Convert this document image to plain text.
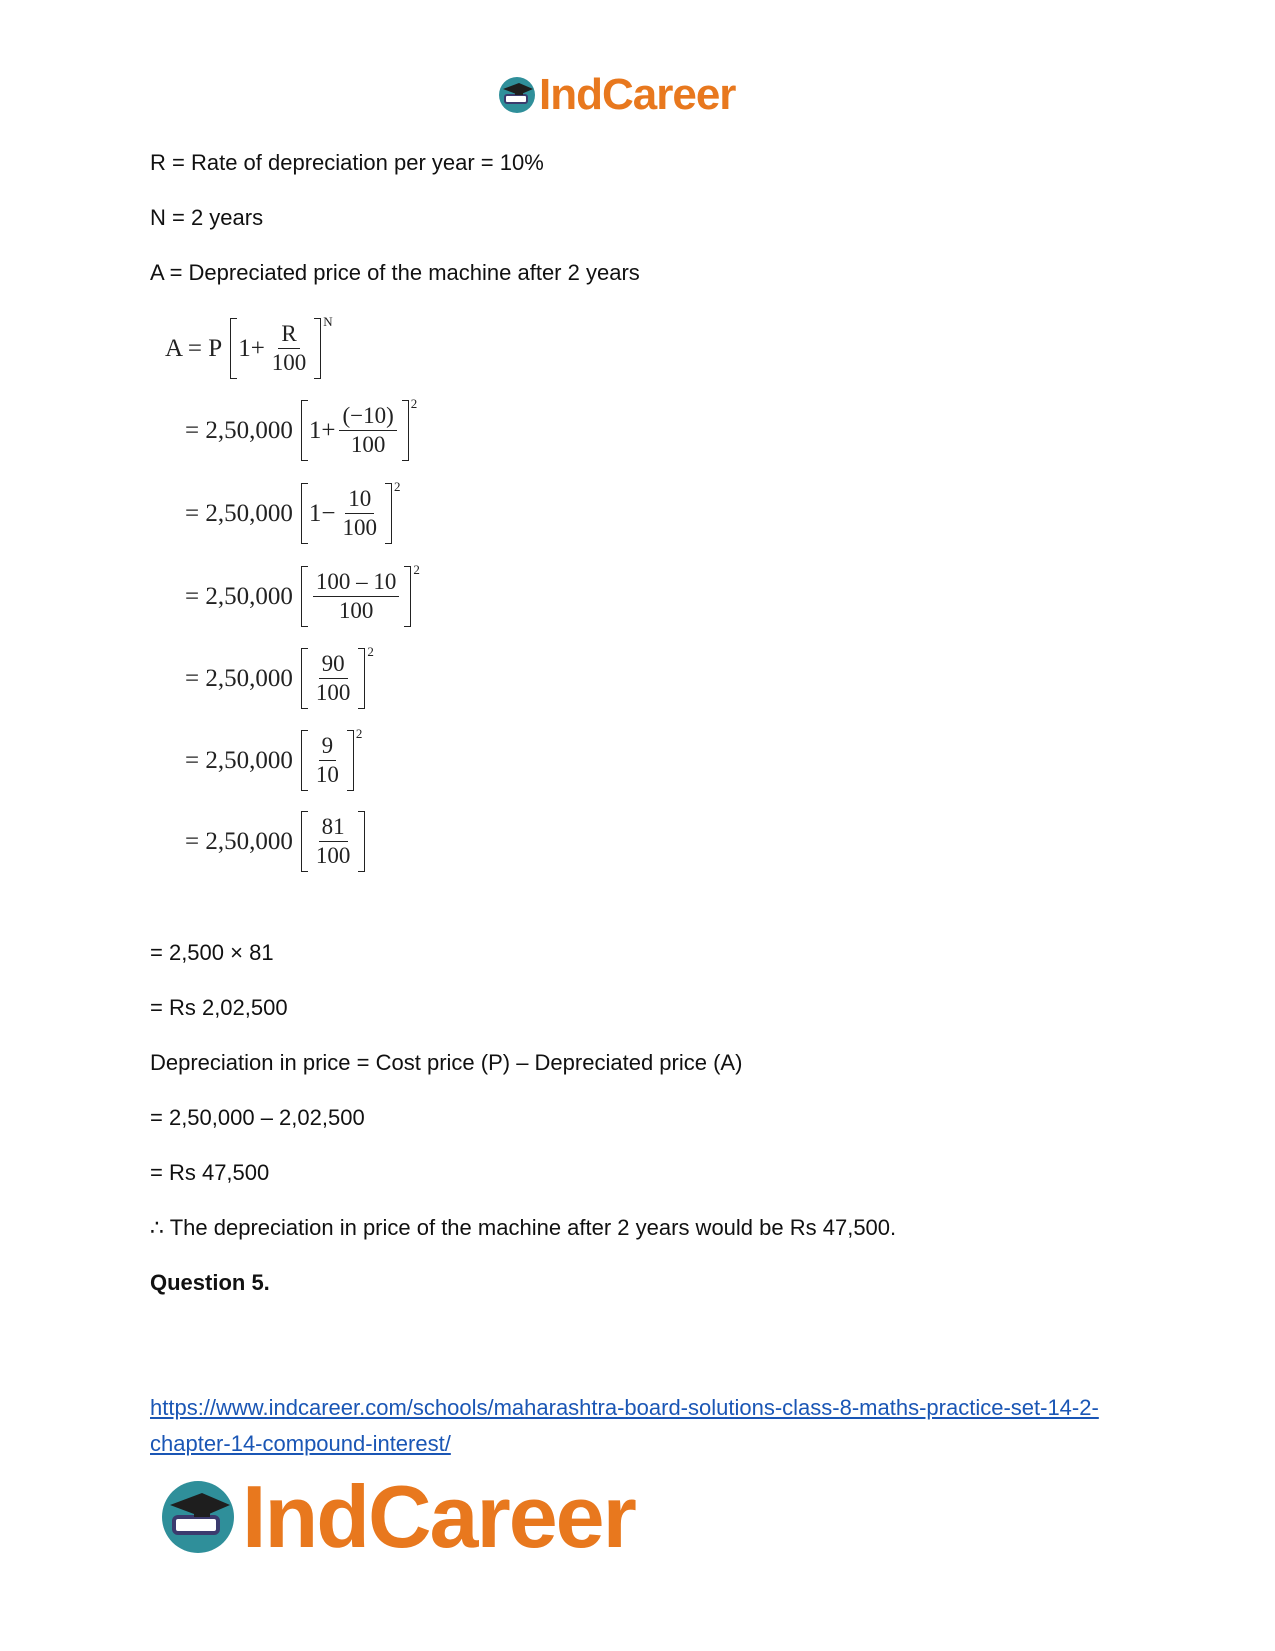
IndCareer
R = Rate of depreciation per year = 10%
N = 2 years
A = Depreciated price of the machine after 2 years
A = P $1+ \frac{R}{100}$
N
= 2,50,000 $1+ \frac{(-10)}{100}$
2
= 2,50,000 $1- \frac{10}{100}$
2
= $2,50,000 \frac{100 - 10}{100}$
2
= $2,50,000 \frac{90}{100}$
2
= $2,50,000 \frac{9}{10}$
2
= $2,50,000 \frac{81}{100}$
= 2,500 × 81
= Rs 2,02,500
Depreciation in price = Cost price (P) – Depreciated price (A)
= 2,50,000 – 2,02,500
= Rs 47,500
∴ The depreciation in price of the machine after 2 years would be Rs 47,500.
Question 5.
https://www.indcareer.com/schools/maharashtra-board-solutions-class-8-maths-practice-set-14-2-chapter-14-compound-interest/
IndCareer
